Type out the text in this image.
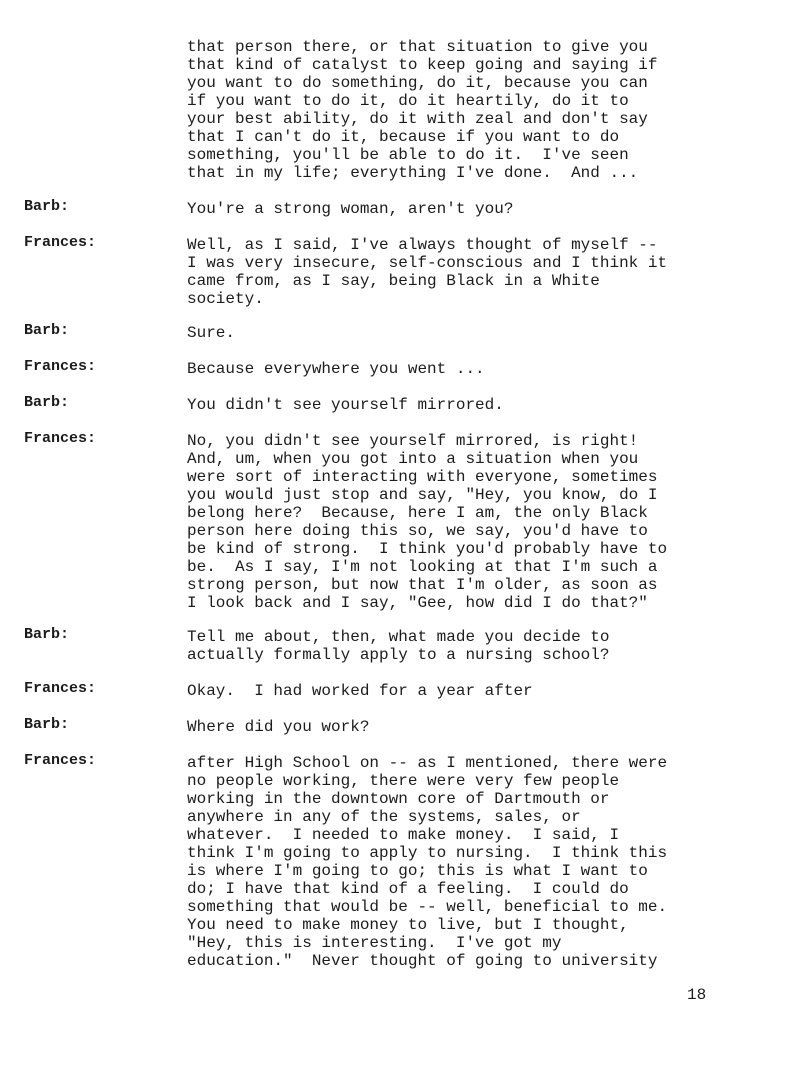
that person there, or that situation to give you
that kind of catalyst to keep going and saying if
you want to do something, do it, because you can
if you want to do it, do it heartily, do it to
your best ability, do it with zeal and don't say
that I can't do it, because if you want to do
something, you'll be able to do it.  I've seen
that in my life; everything I've done.  And ...
Barb:	You're a strong woman, aren't you?
Frances:	Well, as I said, I've always thought of myself --
I was very insecure, self-conscious and I think it
came from, as I say, being Black in a White
society.
Barb:	Sure.
Frances:	Because everywhere you went ...
Barb:	You didn't see yourself mirrored.
Frances:	No, you didn't see yourself mirrored, is right!
And, um, when you got into a situation when you
were sort of interacting with everyone, sometimes
you would just stop and say, "Hey, you know, do I
belong here?  Because, here I am, the only Black
person here doing this so, we say, you'd have to
be kind of strong.  I think you'd probably have to
be.  As I say, I'm not looking at that I'm such a
strong person, but now that I'm older, as soon as
I look back and I say, "Gee, how did I do that?"
Barb:	Tell me about, then, what made you decide to
actually formally apply to a nursing school?
Frances:	Okay.  I had worked for a year after
Barb:	Where did you work?
Frances:	after High School on -- as I mentioned, there were
no people working, there were very few people
working in the downtown core of Dartmouth or
anywhere in any of the systems, sales, or
whatever.  I needed to make money.  I said, I
think I'm going to apply to nursing.  I think this
is where I'm going to go; this is what I want to
do; I have that kind of a feeling.  I could do
something that would be -- well, beneficial to me.
You need to make money to live, but I thought,
"Hey, this is interesting.  I've got my
education."  Never thought of going to university
18
